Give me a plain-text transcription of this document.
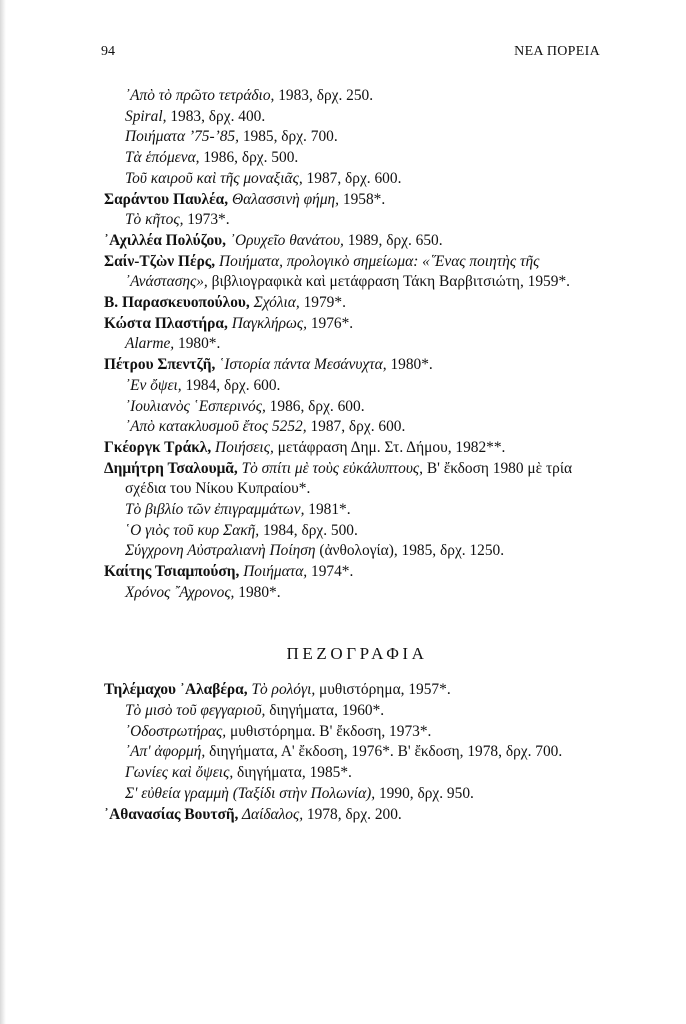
94	ΝΕΑ ΠΟΡΕΙΑ
᾿Απὸ τὸ πρῶτο τετράδιο, 1983, δρχ. 250.
Spiral, 1983, δρχ. 400.
Ποιήματα ’75-’85, 1985, δρχ. 700.
Τὰ ἑπόμενα, 1986, δρχ. 500.
Τοῦ καιροῦ καὶ τῆς μοναξιᾶς, 1987, δρχ. 600.
Σαράντου Παυλέα, Θαλασσινὴ φήμη, 1958*.
Τὸ κῆτος, 1973*.
᾿Αχιλλέα Πολύζου, ᾿Ορυχεῖο θανάτου, 1989, δρχ. 650.
Σαίν-Τζὼν Πέρς, Ποιήματα, προλογικὸ σημείωμα: «῞Ενας ποιητὴς τῆς ᾿Ανάστασης», βιβλιογραφικὰ καὶ μετάφραση Τάκη Βαρβιτσιώτη, 1959*.
Β. Παρασκευοπούλου, Σχόλια, 1979*.
Κώστα Πλαστήρα, Παγκλήρως, 1976*.
Alarme, 1980*.
Πέτρου Σπεντζῆ, ῾Ιστορία πάντα Μεσάνυχτα, 1980*.
᾿Εν ὄψει, 1984, δρχ. 600.
᾿Ιουλιανὸς ῾Εσπερινός, 1986, δρχ. 600.
᾿Απὸ κατακλυσμοῦ ἔτος 5252, 1987, δρχ. 600.
Γκέοργκ Τράκλ, Ποιήσεις, μετάφραση Δημ. Στ. Δήμου, 1982**.
Δημήτρη Τσαλουμᾶ, Τὸ σπίτι μὲ τοὺς εὐκάλυπτους, Β' ἔκδοση 1980 μὲ τρία σχέδια του Νίκου Κυπραίου*.
Τὸ βιβλίο τῶν ἐπιγραμμάτων, 1981*.
῾Ο γιὸς τοῦ κυρ Σακῆ, 1984, δρχ. 500.
Σύγχρονη Αὐστραλιανὴ Ποίηση (ἀνθολογία), 1985, δρχ. 1250.
Καίτης Τσιαμπούση, Ποιήματα, 1974*.
Χρόνος ῎Αχρονος, 1980*.
ΠΕΖΟΓΡΑΦΙΑ
Τηλέμαχου ᾿Αλαβέρα, Τὸ ρολόγι, μυθιστόρημα, 1957*.
Τὸ μισὸ τοῦ φεγγαριοῦ, διηγήματα, 1960*.
᾿Οδοστρωτήρας, μυθιστόρημα. Β' ἔκδοση, 1973*.
᾿Απ' ἀφορμή, διηγήματα, Α' ἔκδοση, 1976*. Β' ἔκδοση, 1978, δρχ. 700.
Γωνίες καὶ ὄψεις, διηγήματα, 1985*.
Σ' εὐθεία γραμμὴ (Ταξίδι στὴν Πολωνία), 1990, δρχ. 950.
᾿Αθανασίας Βουτσῆ, Δαίδαλος, 1978, δρχ. 200.
